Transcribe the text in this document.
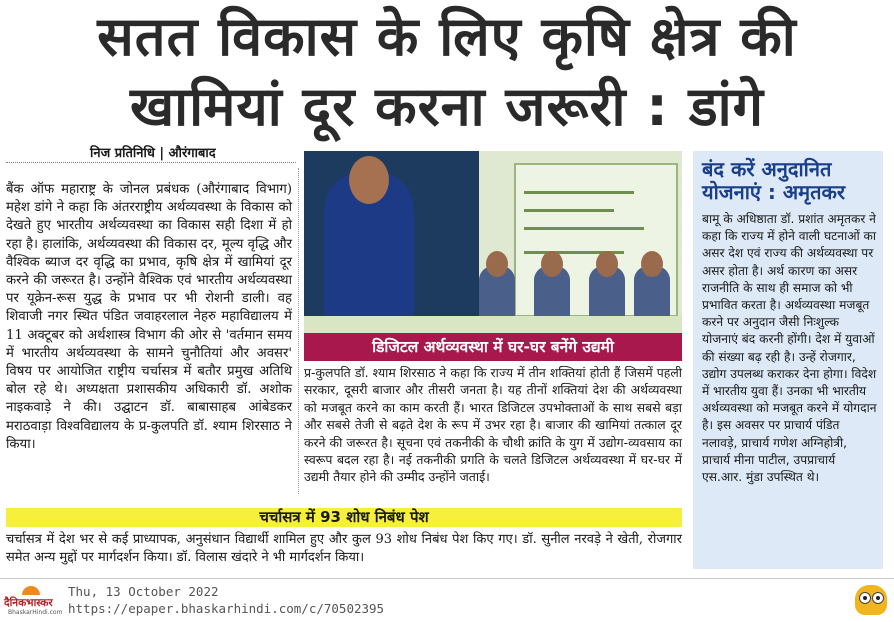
सतत विकास के लिए कृषि क्षेत्र की
खामियां दूर करना जरूरी : डांगे
निज प्रतिनिधि | औरंगाबाद
बैंक ऑफ महाराष्ट्र के जोनल प्रबंधक (औरंगाबाद विभाग) महेश डांगे ने कहा कि अंतरराष्ट्रीय अर्थव्यवस्था के विकास को देखते हुए भारतीय अर्थव्यवस्था का विकास सही दिशा में हो रहा है। हालांकि, अर्थव्यवस्था की विकास दर, मूल्य वृद्धि और वैश्विक ब्याज दर वृद्धि का प्रभाव, कृषि क्षेत्र में खामियां दूर करने की जरूरत है। उन्होंने वैश्विक एवं भारतीय अर्थव्यवस्था पर यूक्रेन-रूस युद्ध के प्रभाव पर भी रोशनी डाली। वह शिवाजी नगर स्थित पंडित जवाहरलाल नेहरु महाविद्यालय में 11 अक्टूबर को अर्थशास्त्र विभाग की ओर से 'वर्तमान समय में भारतीय अर्थव्यवस्था के सामने चुनौतियां और अवसर' विषय पर आयोजित राष्ट्रीय चर्चासत्र में बतौर प्रमुख अतिथि बोल रहे थे। अध्यक्षता प्रशासकीय अधिकारी डॉ. अशोक नाइकवाड़े ने की। उद्घाटन डॉ. बाबासाहब आंबेडकर मराठवाड़ा विश्वविद्यालय के प्र-कुलपति डॉ. श्याम शिरसाठ ने किया।
डिजिटल अर्थव्यवस्था में घर-घर बनेंगे उद्यमी
प्र-कुलपति डॉ. श्याम शिरसाठ ने कहा कि राज्य में तीन शक्तियां होती हैं जिसमें पहली सरकार, दूसरी बाजार और तीसरी जनता है। यह तीनों शक्तियां देश की अर्थव्यवस्था को मजबूत करने का काम करती हैं। भारत डिजिटल उपभोक्ताओं के साथ सबसे बड़ा और सबसे तेजी से बढ़ते देश के रूप में उभर रहा है। बाजार की खामियां तत्काल दूर करने की जरूरत है। सूचना एवं तकनीकी के चौथी क्रांति के युग में उद्योग-व्यवसाय का स्वरूप बदल रहा है। नई तकनीकी प्रगति के चलते डिजिटल अर्थव्यवस्था में घर-घर में उद्यमी तैयार होने की उम्मीद उन्होंने जताई।
बंद करें अनुदानित योजनाएं : अमृतकर
बामू के अधिष्ठाता डॉ. प्रशांत अमृतकर ने कहा कि राज्य में होने वाली घटनाओं का असर देश एवं राज्य की अर्थव्यवस्था पर असर होता है। अर्थ कारण का असर राजनीति के साथ ही समाज को भी प्रभावित करता है। अर्थव्यवस्था मजबूत करने पर अनुदान जैसी निःशुल्क योजनाएं बंद करनी होंगी। देश में युवाओं की संख्या बढ़ रही है। उन्हें रोजगार, उद्योग उपलब्ध कराकर देना होगा। विदेश में भारतीय युवा हैं। उनका भी भारतीय अर्थव्यवस्था को मजबूत करने में योगदान है। इस अवसर पर प्राचार्य पंडित नलावड़े, प्राचार्य गणेश अग्निहोत्री, प्राचार्य मीना पाटील, उपप्राचार्य एस.आर. मुंडा उपस्थित थे।
चर्चासत्र में 93 शोध निबंध पेश
चर्चासत्र में देश भर से कई प्राध्यापक, अनुसंधान विद्यार्थी शामिल हुए और कुल 93 शोध निबंध पेश किए गए। डॉ. सुनील नरवड़े ने खेती, रोजगार समेत अन्य मुद्दों पर मार्गदर्शन किया। डॉ. विलास खंदारे ने भी मार्गदर्शन किया।
दैनिकभास्कर
BhaskarHindi.com
Thu, 13 October 2022
https://epaper.bhaskarhindi.com/c/70502395
